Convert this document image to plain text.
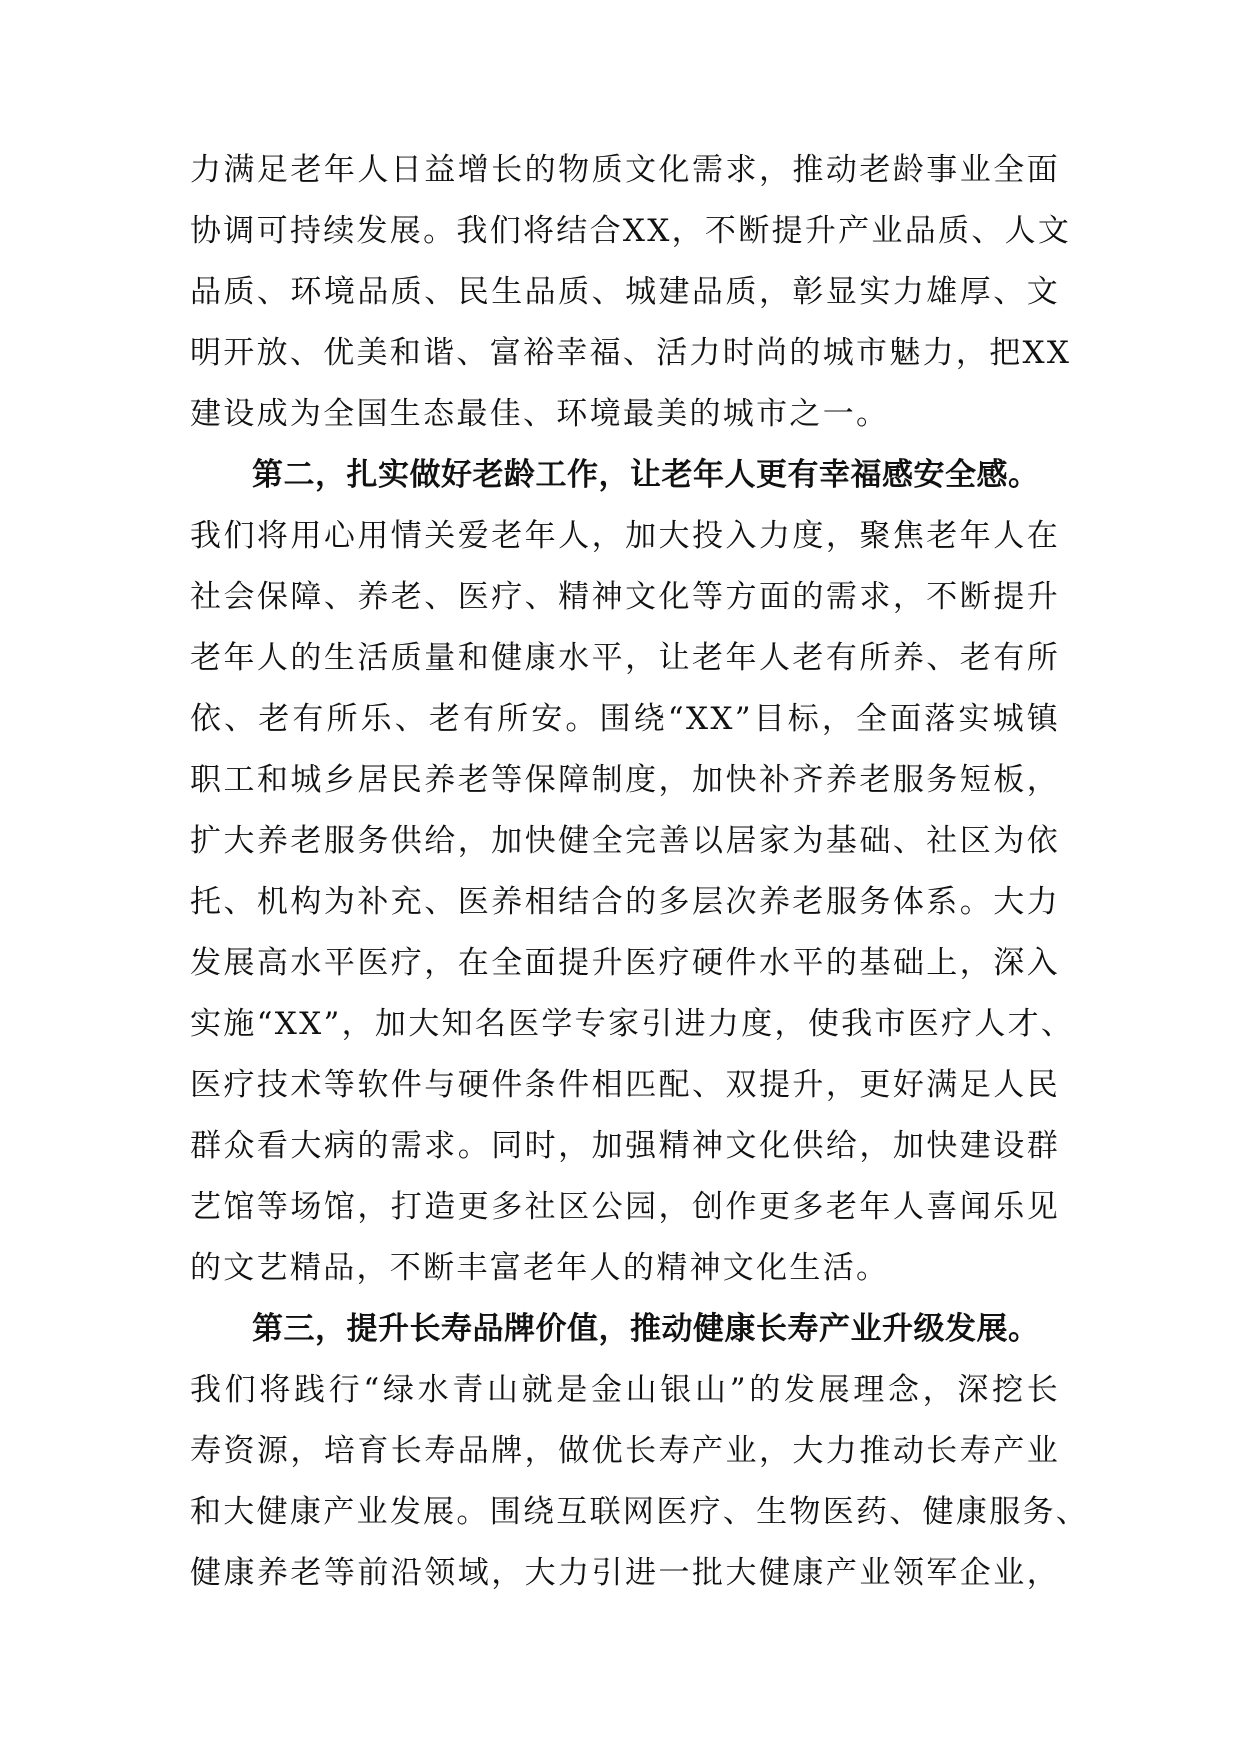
力满足老年人日益增长的物质文化需求，推动老龄事业全面
协调可持续发展。我们将结合XX，不断提升产业品质、人文
品质、环境品质、民生品质、城建品质，彰显实力雄厚、文
明开放、优美和谐、富裕幸福、活力时尚的城市魅力，把XX
建设成为全国生态最佳、环境最美的城市之一。
第二，扎实做好老龄工作，让老年人更有幸福感安全感。
我们将用心用情关爱老年人，加大投入力度，聚焦老年人在
社会保障、养老、医疗、精神文化等方面的需求，不断提升
老年人的生活质量和健康水平，让老年人老有所养、老有所
依、老有所乐、老有所安。围绕“XX”目标，全面落实城镇
职工和城乡居民养老等保障制度，加快补齐养老服务短板，
扩大养老服务供给，加快健全完善以居家为基础、社区为依
托、机构为补充、医养相结合的多层次养老服务体系。大力
发展高水平医疗，在全面提升医疗硬件水平的基础上，深入
实施“XX”，加大知名医学专家引进力度，使我市医疗人才、
医疗技术等软件与硬件条件相匹配、双提升，更好满足人民
群众看大病的需求。同时，加强精神文化供给，加快建设群
艺馆等场馆，打造更多社区公园，创作更多老年人喜闻乐见
的文艺精品，不断丰富老年人的精神文化生活。
第三，提升长寿品牌价值，推动健康长寿产业升级发展。
我们将践行“绿水青山就是金山银山”的发展理念，深挖长
寿资源，培育长寿品牌，做优长寿产业，大力推动长寿产业
和大健康产业发展。围绕互联网医疗、生物医药、健康服务、
健康养老等前沿领域，大力引进一批大健康产业领军企业，
